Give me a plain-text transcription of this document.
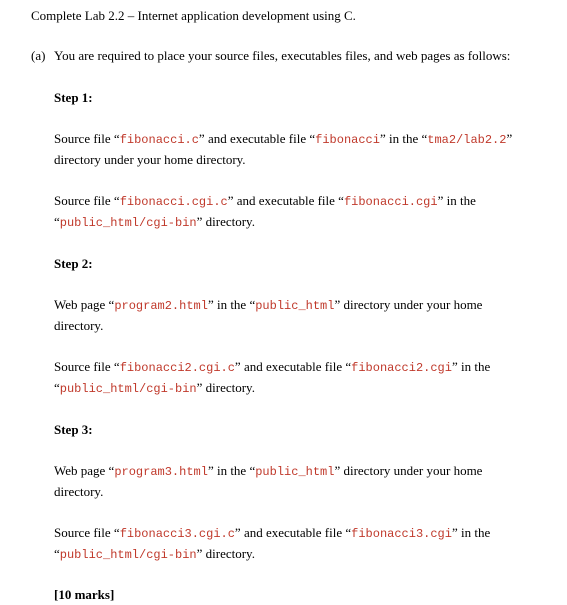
Complete Lab 2.2 – Internet application development using C.
(a) You are required to place your source files, executables files, and web pages as follows:
Step 1:
Source file “fibonacci.c” and executable file “fibonacci” in the “tma2/lab2.2”
directory under your home directory.
Source file “fibonacci.cgi.c” and executable file “fibonacci.cgi” in the
“public_html/cgi-bin” directory.
Step 2:
Web page “program2.html” in the “public_html” directory under your home
directory.
Source file “fibonacci2.cgi.c” and executable file “fibonacci2.cgi” in the
“public_html/cgi-bin” directory.
Step 3:
Web page “program3.html” in the “public_html” directory under your home
directory.
Source file “fibonacci3.cgi.c” and executable file “fibonacci3.cgi” in the
“public_html/cgi-bin” directory.
[10 marks]
